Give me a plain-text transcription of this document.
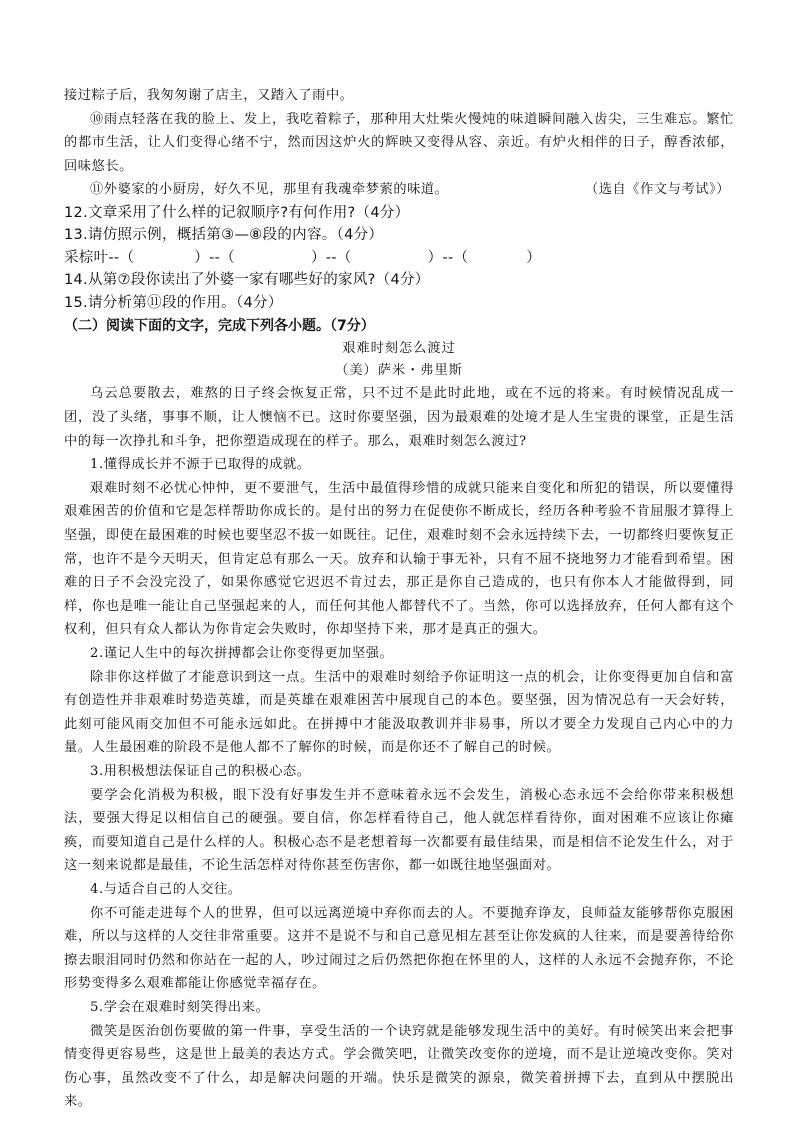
接过粽子后，我匆匆谢了店主，又踏入了雨中。

⑩雨点轻落在我的脸上、发上，我吃着粽子，那种用大灶柴火慢炖的味道瞬间融入齿尖，三生难忘。繁忙的都市生活，让人们变得心绪不宁，然而因这炉火的辉映又变得从容、亲近。有炉火相伴的日子，醇香浓郁，回味悠长。

⑪外婆家的小厨房，好久不见，那里有我魂牵梦萦的味道。	（选自《作文与考试》）

12.文章采用了什么样的记叙顺序?有何作用?（4分）

13.请仿照示例，概括第③—⑧段的内容。（4分）

采棕叶--（	）--（	）--（	）--（	）

14.从第⑦段你读出了外婆一家有哪些好的家风?（4分）

15.请分析第⑪段的作用。（4分）

（二）阅读下面的文字，完成下列各小题。（7分）

艰难时刻怎么渡过

（美）萨米・弗里斯

乌云总要散去，难熬的日子终会恢复正常，只不过不是此时此地，或在不远的将来。有时候情况乱成一团，没了头绪，事事不顺，让人懊恼不已。这时你要坚强，因为最艰难的处境才是人生宝贵的课堂，正是生活中的每一次挣扎和斗争，把你塑造成现在的样子。那么，艰难时刻怎么渡过?

1.懂得成长并不源于已取得的成就。

艰难时刻不必忧心忡忡，更不要泄气，生活中最值得珍惜的成就只能来自变化和所犯的错误，所以要懂得艰难困苦的价值和它是怎样帮助你成长的。是付出的努力在促使你不断成长，经历各种考验不肯屈服才算得上坚强，即使在最困难的时候也要坚忍不拔一如既往。记住，艰难时刻不会永远持续下去，一切都终归要恢复正常，也许不是今天明天，但肯定总有那么一天。放弃和认输于事无补，只有不屈不挠地努力才能看到希望。困难的日子不会没完没了，如果你感觉它迟迟不肯过去，那正是你自己造成的，也只有你本人才能做得到，同样，你也是唯一能让自己坚强起来的人，而任何其他人都替代不了。当然，你可以选择放弃，任何人都有这个权利，但只有众人都认为你肯定会失败时，你却坚持下来，那才是真正的强大。

2.谨记人生中的每次拼搏都会让你变得更加坚强。

除非你这样做了才能意识到这一点。生活中的艰难时刻给予你证明这一点的机会，让你变得更加自信和富有创造性并非艰难时势造英雄，而是英雄在艰难困苦中展现自己的本色。要坚强，因为情况总有一天会好转，此刻可能风雨交加但不可能永远如此。在拼搏中才能汲取教训并非易事，所以才要全力发现自己内心中的力量。人生最困难的阶段不是他人都不了解你的时候，而是你还不了解自己的时候。

3.用积极想法保证自己的积极心态。

要学会化消极为积极，眼下没有好事发生并不意味着永远不会发生，消极心态永远不会给你带来积极想法，要强大得足以相信自己的硬强。要自信，你怎样看待自己，他人就怎样看待你，面对困难不应该让你瘫痪，而要知道自己是什么样的人。积极心态不是老想着每一次都要有最佳结果，而是相信不论发生什么，对于这一刻来说都是最佳，不论生活怎样对待你甚至伤害你，都一如既往地坚强面对。

4.与适合自己的人交往。

你不可能走进每个人的世界，但可以远离逆境中弃你而去的人。不要抛弃诤友，良师益友能够帮你克服困难，所以与这样的人交往非常重要。这并不是说不与和自己意见相左甚至让你发疯的人往来，而是要善待给你擦去眼泪同时仍然和你站在一起的人，吵过闹过之后仍然把你抱在怀里的人，这样的人永远不会抛弃你，不论形势变得多么艰难都能让你感觉幸福存在。

5.学会在艰难时刻笑得出来。

微笑是医治创伤要做的第一件事，享受生活的一个诀窍就是能够发现生活中的美好。有时候笑出来会把事情变得更容易些，这是世上最美的表达方式。学会微笑吧，让微笑改变你的逆境，而不是让逆境改变你。笑对伤心事，虽然改变不了什么，却是解决问题的开端。快乐是微笑的源泉，微笑着拼搏下去，直到从中摆脱出来。
